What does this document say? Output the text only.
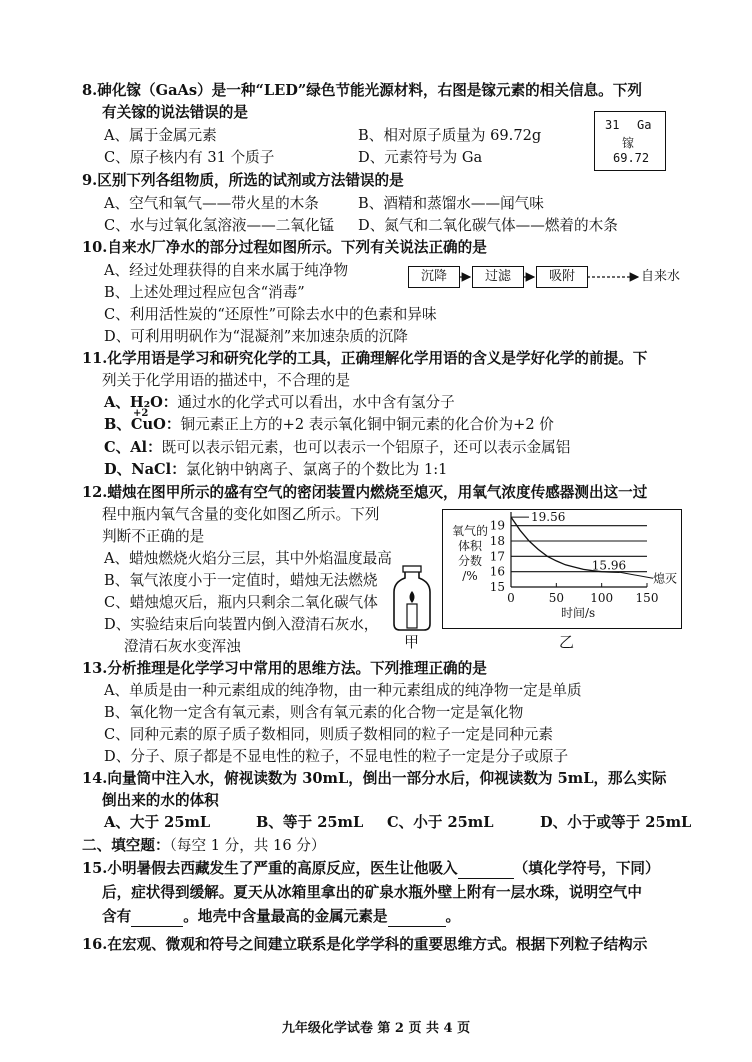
8.砷化镓（GaAs）是一种“LED”绿色节能光源材料，右图是镓元素的相关信息。下列
有关镓的说法错误的是
A、属于金属元素	B、相对原子质量为 69.72g
C、原子核内有 31 个质子	D、元素符号为 Ga
31 Ga
镓
69.72
9.区别下列各组物质，所选的试剂或方法错误的是
A、空气和氧气——带火星的木条	B、酒精和蒸馏水——闻气味
C、水与过氧化氢溶液——二氧化锰 D、氮气和二氧化碳气体——燃着的木条
10.自来水厂净水的部分过程如图所示。下列有关说法正确的是
A、经过处理获得的自来水属于纯净物
B、上述处理过程应包含“消毒”
C、利用活性炭的“还原性”可除去水中的色素和异味
D、可利用明矾作为“混凝剂”来加速杂质的沉降
沉降	过滤	吸附	自来水
11.化学用语是学习和研究化学的工具，正确理解化学用语的含义是学好化学的前提。下
列关于化学用语的描述中，不合理的是
A、H₂O：通过水的化学式可以看出，水中含有氢分子
+2
B、CuO：铜元素正上方的+2 表示氧化铜中铜元素的化合价为+2 价
C、Al：既可以表示铝元素，也可以表示一个铝原子，还可以表示金属铝
D、NaCl：氯化钠中钠离子、氯离子的个数比为 1:1
12.蜡烛在图甲所示的盛有空气的密闭装置内燃烧至熄灭，用氧气浓度传感器测出这一过
程中瓶内氧气含量的变化如图乙所示。下列
判断不正确的是
A、蜡烛燃烧火焰分三层，其中外焰温度最高
B、氧气浓度小于一定值时，蜡烛无法燃烧
C、蜡烛熄灭后，瓶内只剩余二氧化碳气体
D、实验结束后向装置内倒入澄清石灰水，
澄清石灰水变浑浊	甲	乙
氧气的
体积
分数
/%
15
16
17
18
19
0	50 100 150
19.56
15.96
熄灭
时间/s
13.分析推理是化学学习中常用的思维方法。下列推理正确的是
A、单质是由一种元素组成的纯净物，由一种元素组成的纯净物一定是单质
B、氧化物一定含有氧元素，则含有氧元素的化合物一定是氧化物
C、同种元素的原子质子数相同，则质子数相同的粒子一定是同种元素
D、分子、原子都是不显电性的粒子，不显电性的粒子一定是分子或原子
14.向量筒中注入水，俯视读数为 30mL，倒出一部分水后，仰视读数为 5mL，那么实际
倒出来的水的体积
A、大于 25mL	B、等于 25mL C、小于 25mL	D、小于或等于 25mL
二、填空题：（每空 1 分，共 16 分）
15.小明暑假去西藏发生了严重的高原反应，医生让他吸入	（填化学符号，下同）
后，症状得到缓解。夏天从冰箱里拿出的矿泉水瓶外壁上附有一层水珠，说明空气中
含有	。地壳中含量最高的金属元素是	。
16.在宏观、微观和符号之间建立联系是化学学科的重要思维方式。根据下列粒子结构示
九年级化学试卷 第 2 页 共 4 页
